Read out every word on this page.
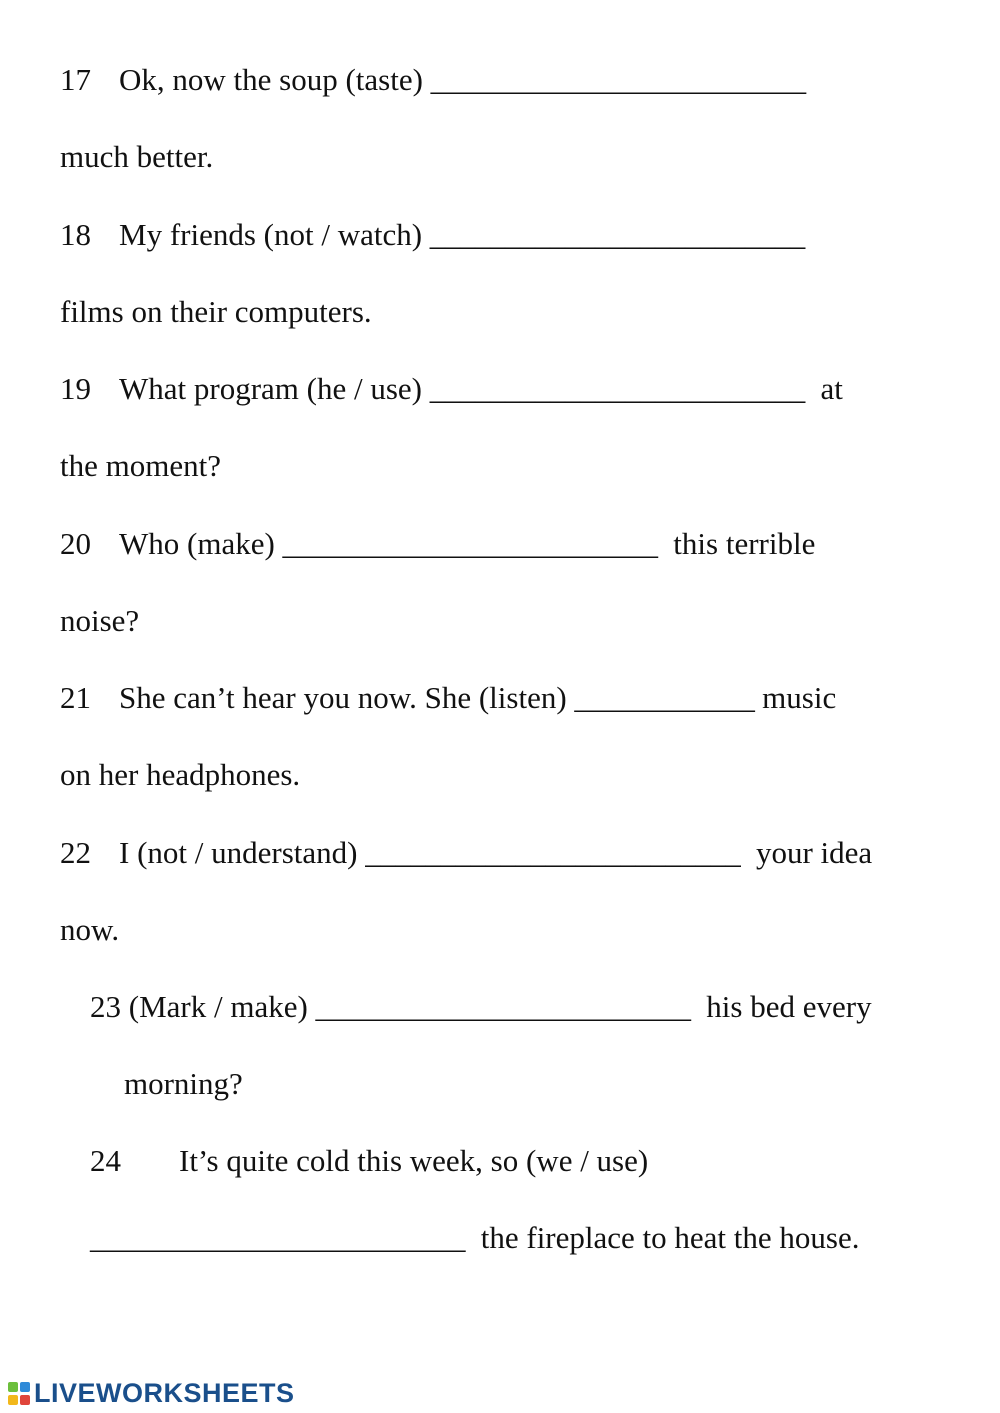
17 Ok, now the soup (taste) _________________________
much better.
18 My friends (not / watch) _________________________
films on their computers.
19 What program (he / use) _________________________ at
the moment?
20 Who (make) _________________________ this terrible
noise?
21 She can’t hear you now. She (listen) ____________ music
on her headphones.
22 I (not / understand) _________________________ your idea
now.
23 (Mark / make) _________________________ his bed every
morning?
24 It’s quite cold this week, so (we / use)
_________________________ the fireplace to heat the house.
LIVEWORKSHEETS
